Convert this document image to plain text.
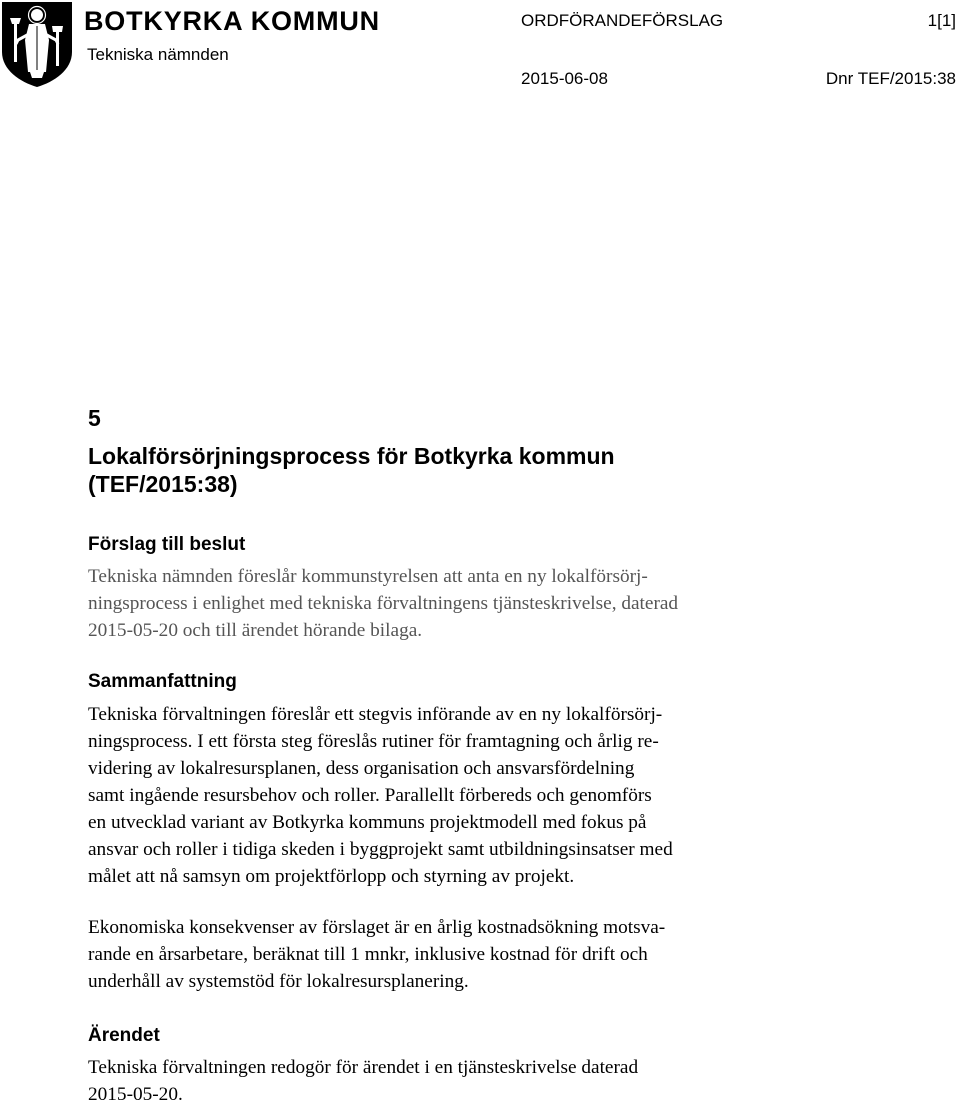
BOTKYRKA KOMMUN
Tekniska nämnden
ORDFÖRANDEFÖRSLAG	1[1]
2015-06-08	Dnr TEF/2015:38
5
Lokalförsörjningsprocess för Botkyrka kommun
(TEF/2015:38)
Förslag till beslut
Tekniska nämnden föreslår kommunstyrelsen att anta en ny lokalförsörj-
ningsprocess i enlighet med tekniska förvaltningens tjänsteskrivelse, daterad
2015-05-20 och till ärendet hörande bilaga.
Sammanfattning
Tekniska förvaltningen föreslår ett stegvis införande av en ny lokalförsörj-
ningsprocess. I ett första steg föreslås rutiner för framtagning och årlig re-
videring av lokalresursplanen, dess organisation och ansvarsfördelning
samt ingående resursbehov och roller. Parallellt förbereds och genomförs
en utvecklad variant av Botkyrka kommuns projektmodell med fokus på
ansvar och roller i tidiga skeden i byggprojekt samt utbildningsinsatser med
målet att nå samsyn om projektförlopp och styrning av projekt.
Ekonomiska konsekvenser av förslaget är en årlig kostnadsökning motsva-
rande en årsarbetare, beräknat till 1 mnkr, inklusive kostnad för drift och
underhåll av systemstöd för lokalresursplanering.
Ärendet
Tekniska förvaltningen redogör för ärendet i en tjänsteskrivelse daterad
2015-05-20.
